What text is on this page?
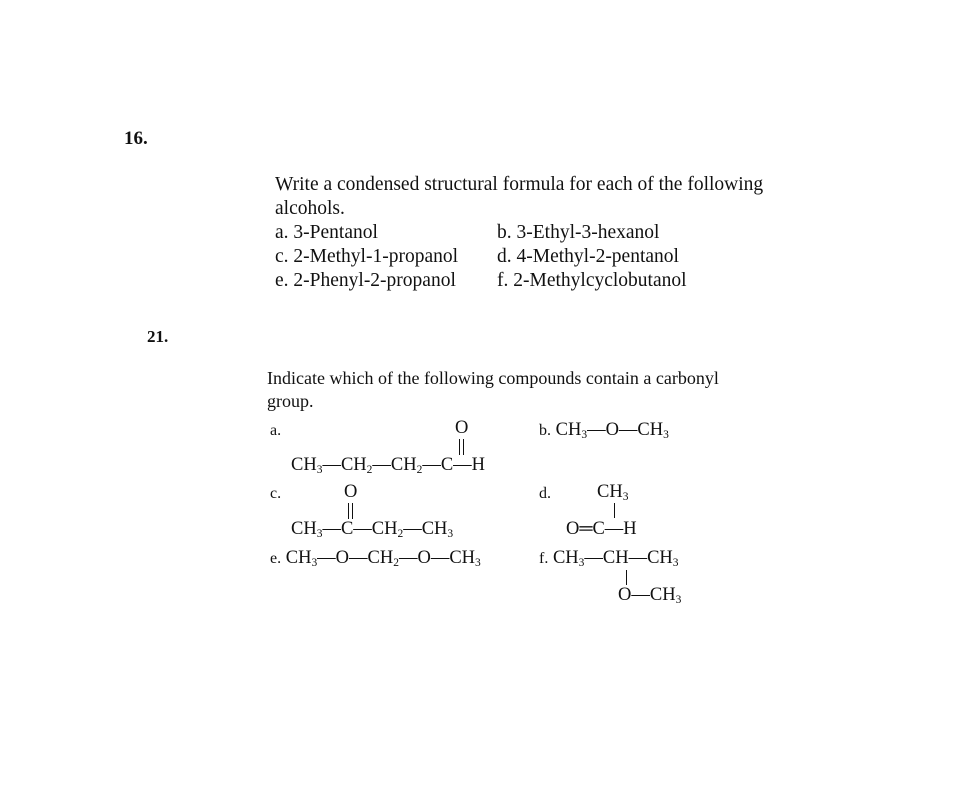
16.
Write a condensed structural formula for each of the following
alcohols.
a. 3-Pentanol	b. 3-Ethyl-3-hexanol
c. 2-Methyl-1-propanol d. 4-Methyl-2-pentanol
e. 2-Phenyl-2-propanol f. 2-Methylcyclobutanol
21.
Indicate which of the following compounds contain a carbonyl
group.
a.	O
$CH_3—CH_2—CH_2—C—H$
b. $CH_3—O—CH_3$
c.	O
$CH_3—C—CH_2—CH_3$
d. $CH_3$
O═C—H
e. $CH_3—O—CH_2—O—CH_3$	f. $CH_3—CH—CH_3$
$O—CH_3$
